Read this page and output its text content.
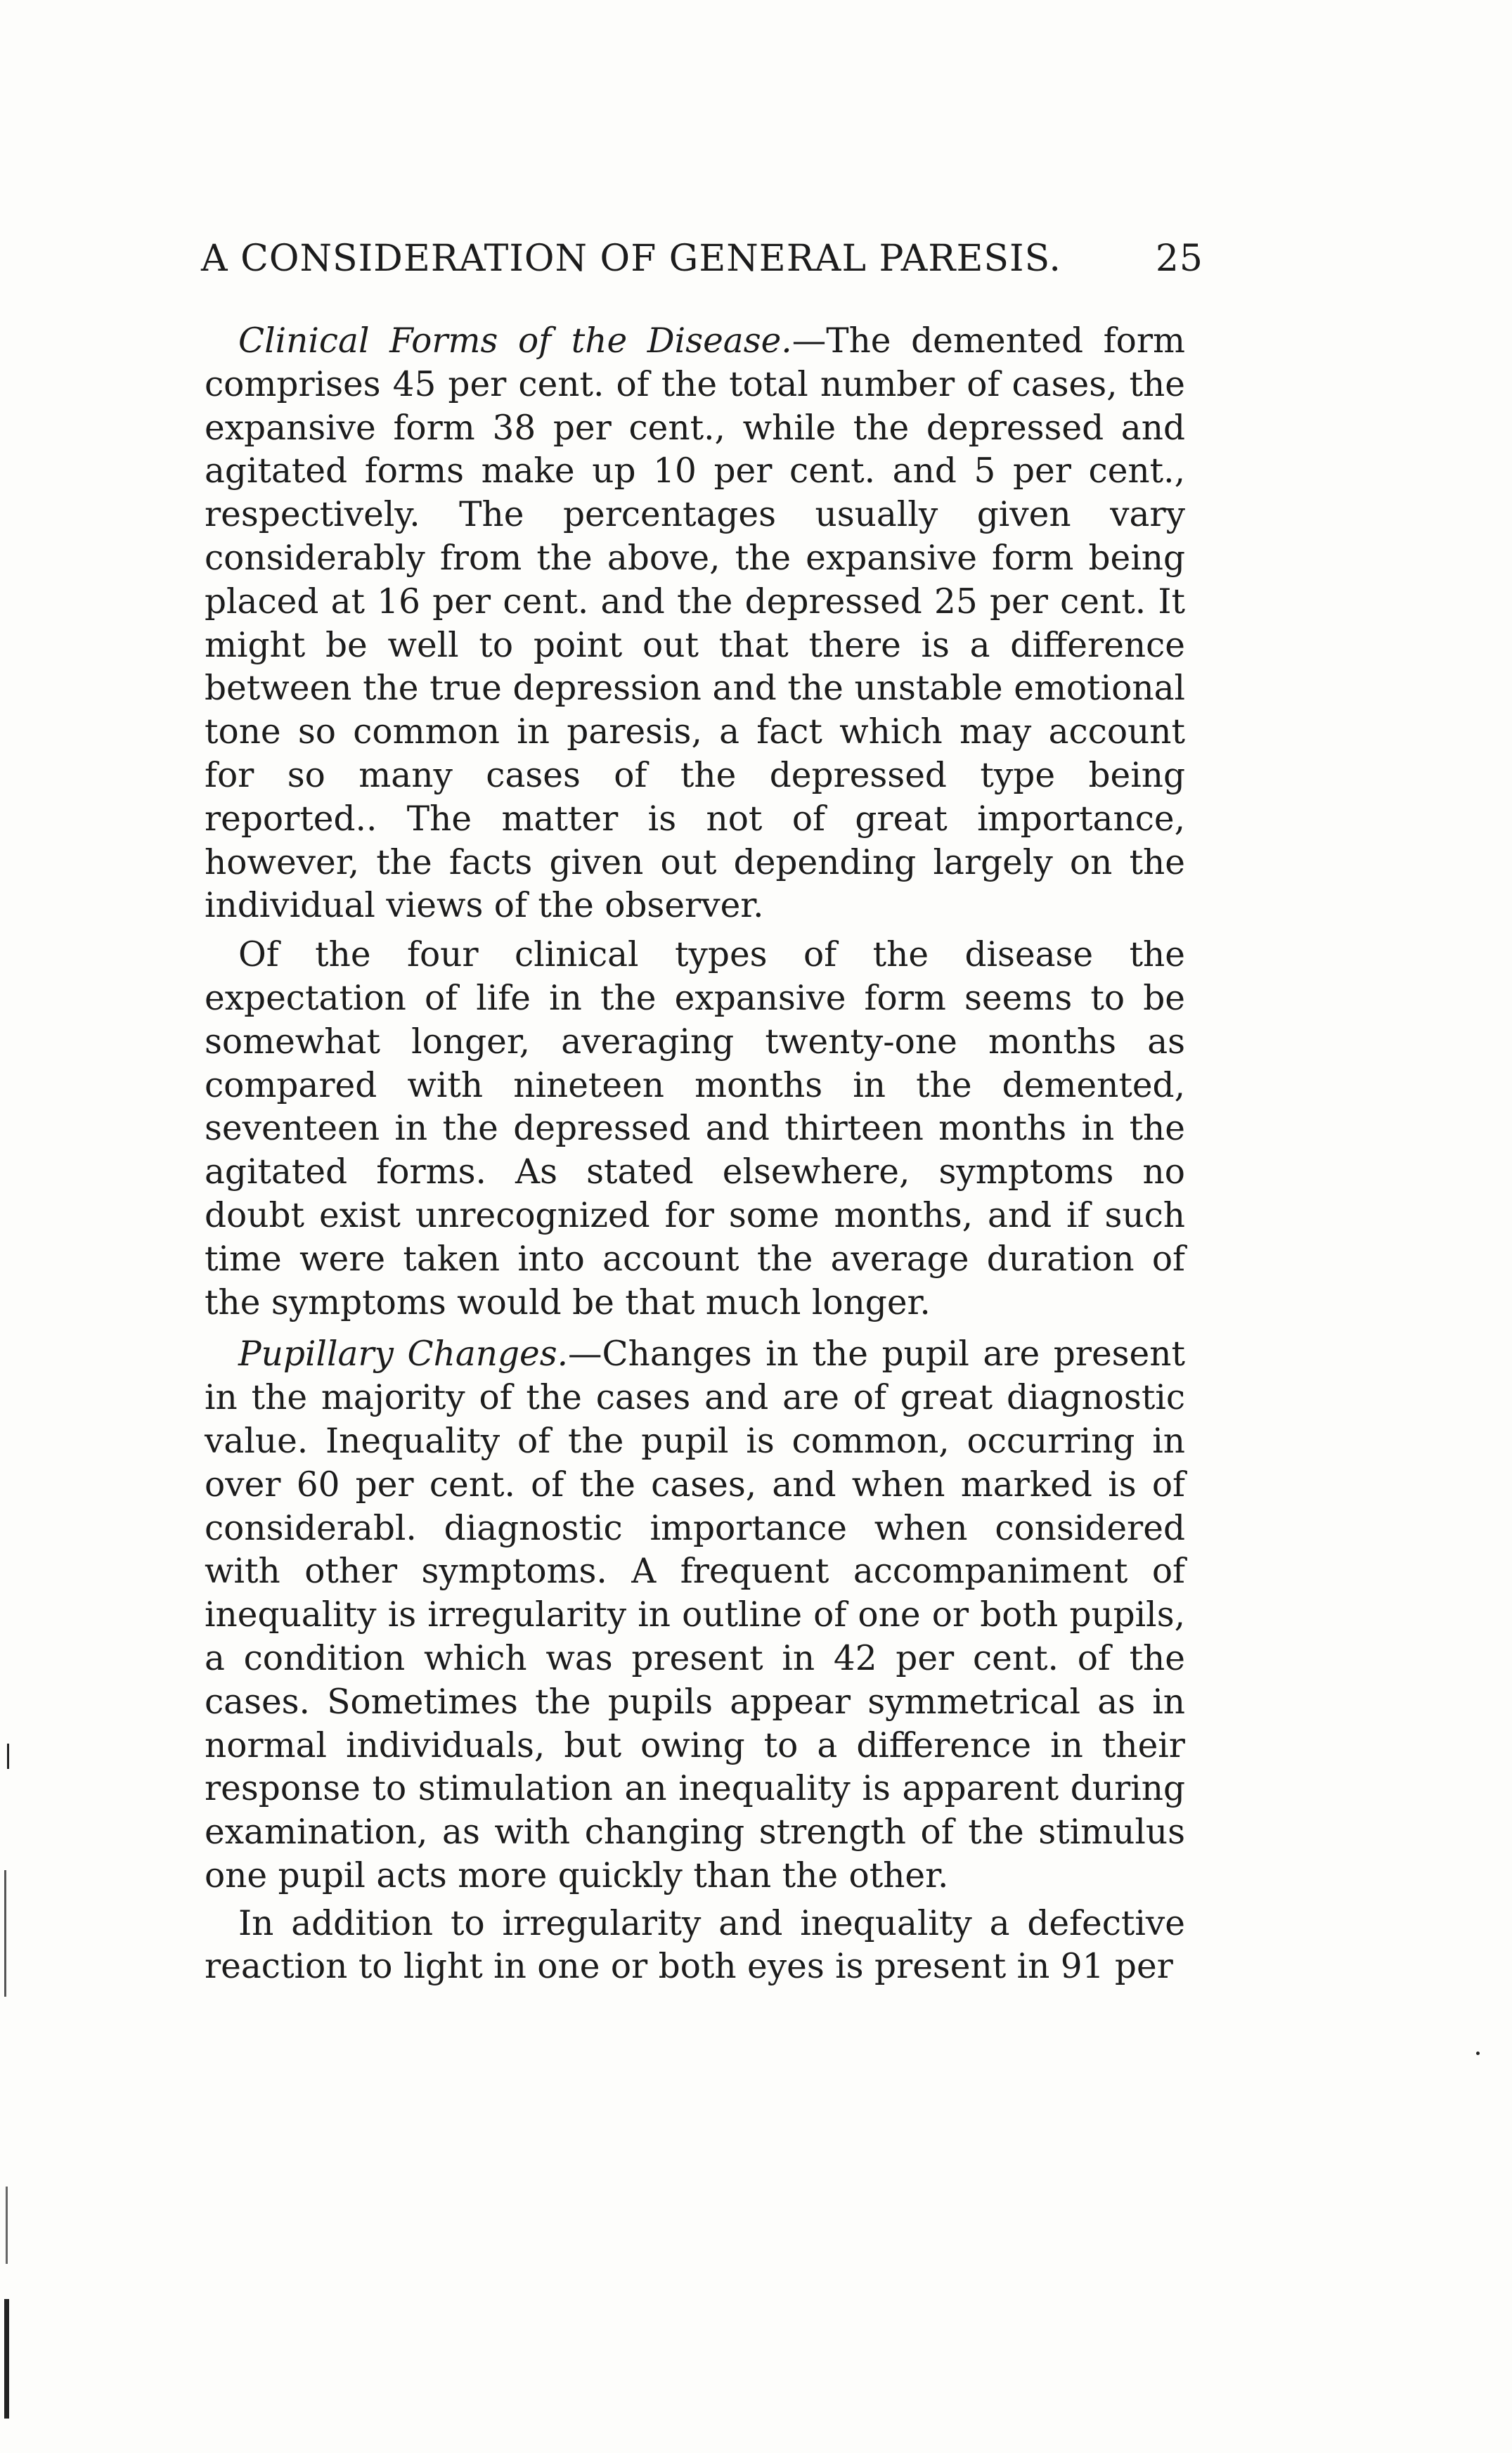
A CONSIDERATION OF GENERAL PARESIS.	25

Clinical Forms of the Disease.—The demented form comprises 45 per cent. of the total number of cases, the expansive form 38 per cent., while the depressed and agitated forms make up 10 per cent. and 5 per cent., respectively. The percentages usually given vary considerably from the above, the expansive form being placed at 16 per cent. and the depressed 25 per cent. It might be well to point out that there is a difference between the true depression and the unstable emotional tone so common in paresis, a fact which may account for so many cases of the depressed type being reported.. The matter is not of great importance, however, the facts given out depending largely on the individual views of the observer.

Of the four clinical types of the disease the expectation of life in the expansive form seems to be somewhat longer, averaging twenty-one months as compared with nineteen months in the demented, seventeen in the depressed and thirteen months in the agitated forms. As stated elsewhere, symptoms no doubt exist unrecognized for some months, and if such time were taken into account the average duration of the symptoms would be that much longer.

Pupillary Changes.—Changes in the pupil are present in the majority of the cases and are of great diagnostic value. Inequality of the pupil is common, occurring in over 60 per cent. of the cases, and when marked is of considerabl. diagnostic importance when considered with other symptoms. A frequent accompaniment of inequality is irregularity in outline of one or both pupils, a condition which was present in 42 per cent. of the cases. Sometimes the pupils appear symmetrical as in normal individuals, but owing to a difference in their response to stimulation an inequality is apparent during examination, as with changing strength of the stimulus one pupil acts more quickly than the other.

In addition to irregularity and inequality a defective reaction to light in one or both eyes is present in 91 per
